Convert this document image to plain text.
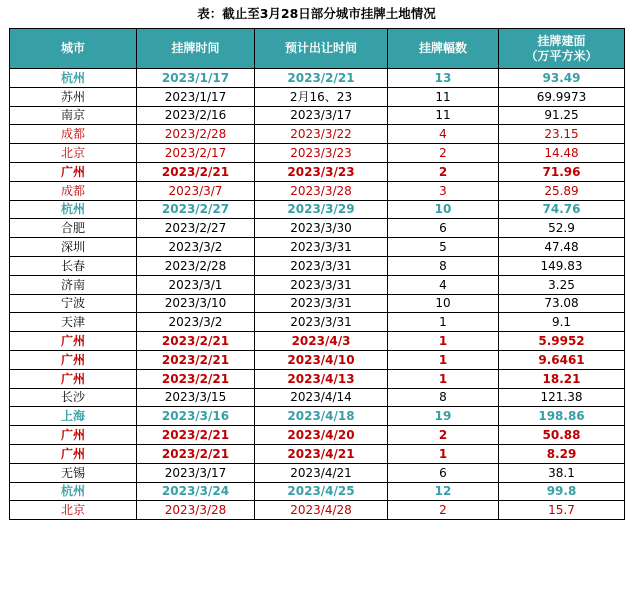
表：截止至3月28日部分城市挂牌土地情况
城市	挂牌时间	预计出让时间	挂牌幅数	挂牌建面
（万平方米）

杭州	2023/1/17	2023/2/21	13	93.49
苏州	2023/1/17	2月16、23	11	69.9973
南京	2023/2/16	2023/3/17	11	91.25
成都	2023/2/28	2023/3/22	4	23.15
北京	2023/2/17	2023/3/23	2	14.48
广州	2023/2/21	2023/3/23	2	71.96
成都	2023/3/7	2023/3/28	3	25.89
杭州	2023/2/27	2023/3/29	10	74.76
合肥	2023/2/27	2023/3/30	6	52.9
深圳	2023/3/2	2023/3/31	5	47.48
长春	2023/2/28	2023/3/31	8	149.83
济南	2023/3/1	2023/3/31	4	3.25
宁波	2023/3/10	2023/3/31	10	73.08
天津	2023/3/2	2023/3/31	1	9.1
广州	2023/2/21	2023/4/3	1	5.9952
广州	2023/2/21	2023/4/10	1	9.6461
广州	2023/2/21	2023/4/13	1	18.21
长沙	2023/3/15	2023/4/14	8	121.38
上海	2023/3/16	2023/4/18	19	198.86
广州	2023/2/21	2023/4/20	2	50.88
广州	2023/2/21	2023/4/21	1	8.29
无锡	2023/3/17	2023/4/21	6	38.1
杭州	2023/3/24	2023/4/25	12	99.8
北京	2023/3/28	2023/4/28	2	15.7
